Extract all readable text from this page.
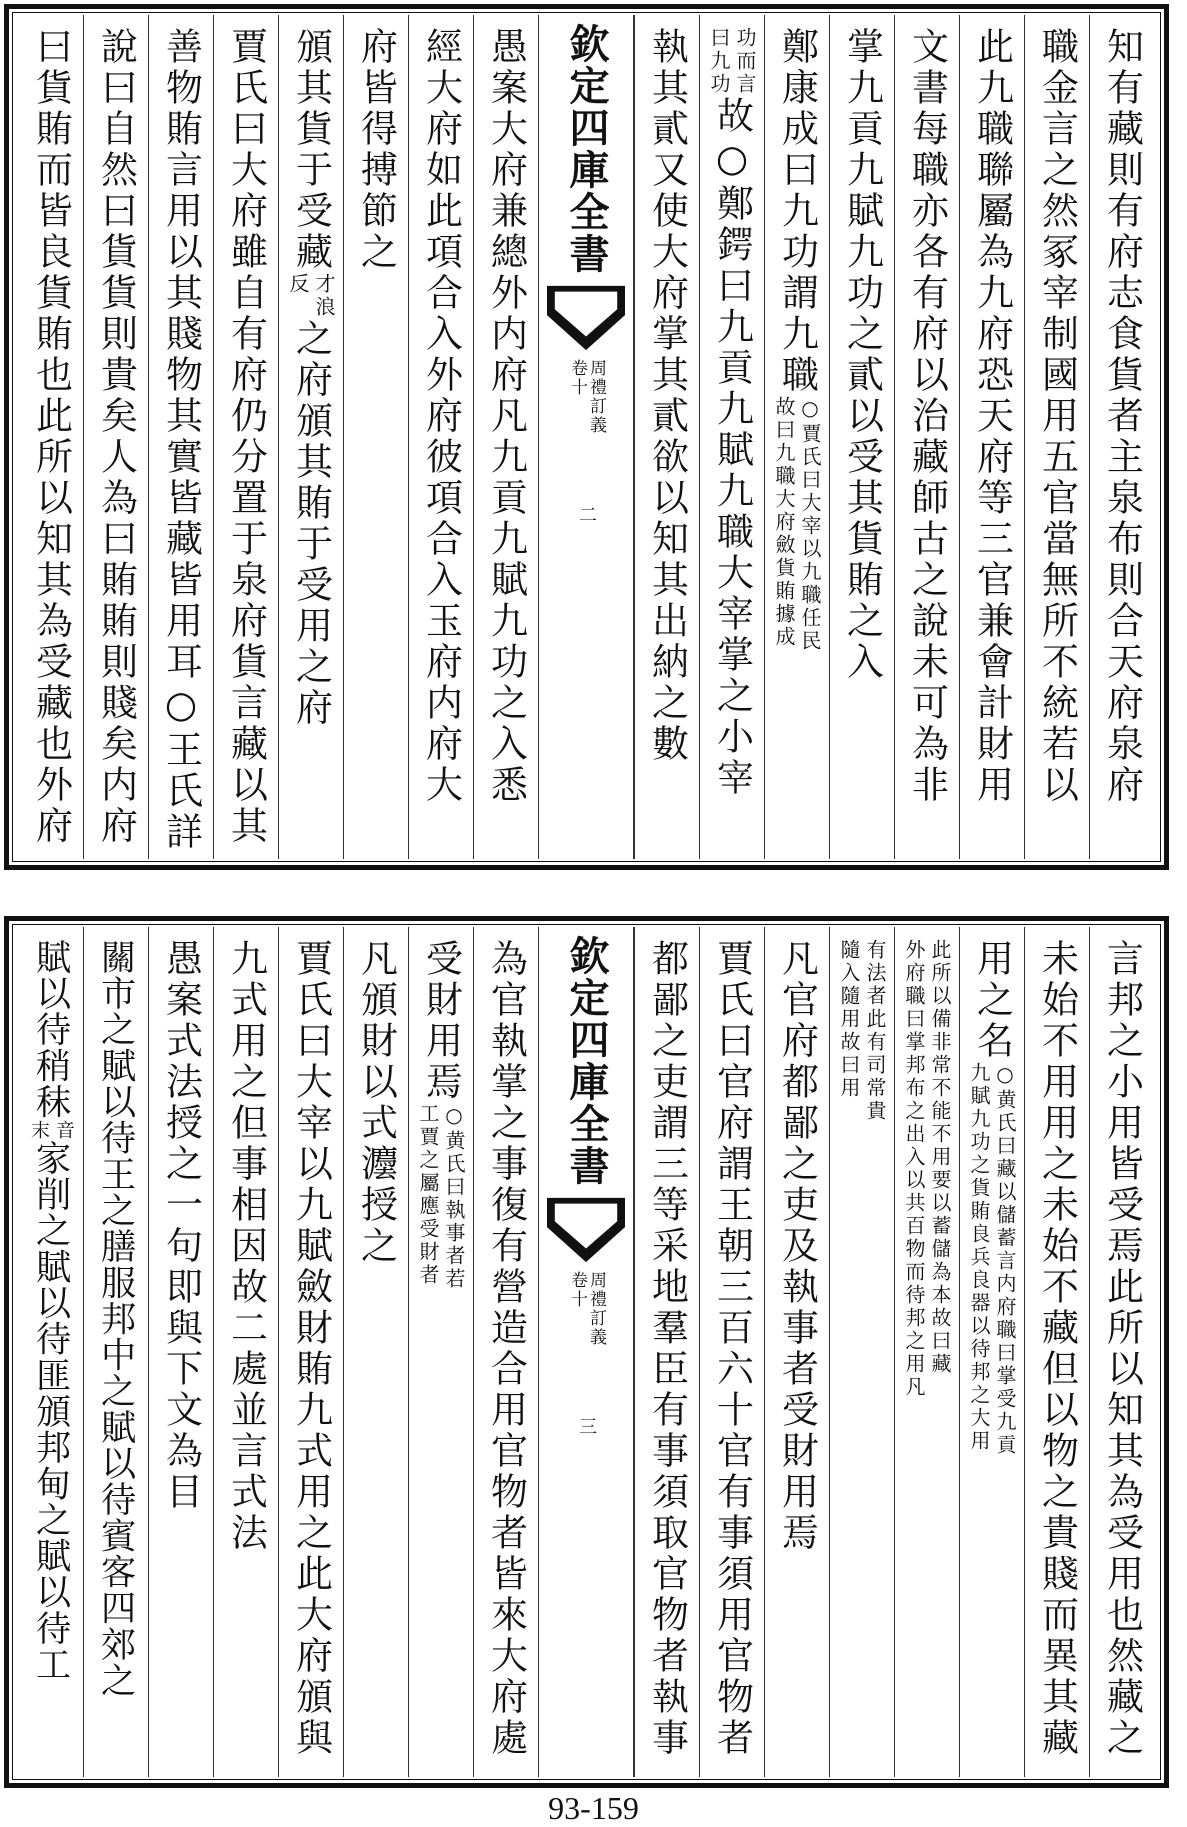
知有藏則有府志食貨者主泉布則合天府泉府
職金言之然冢宰制國用五官當無所不統若以
此九職聯屬為九府恐天府等三官兼會計財用
文書每職亦各有府以治藏師古之說未可為非
掌九貢九賦九功之貳以受其貨賄之入
鄭康成曰九功謂九職
○賈氏曰大宰以九職任民
故曰九職大府斂貨賄據成
功而言
曰九功
故○鄭鍔曰九貢九賦九職大宰掌之小宰
執其貳又使大府掌其貳欲以知其出納之數
欽定四庫全書
周禮訂義
卷十
二
愚案大府兼總外内府凡九貢九賦九功之入悉
經大府如此項合入外府彼項合入玉府内府大
府皆得搏節之
頒其貨于受藏
才浪
反
之府頒其賄于受用之府
賈氏曰大府雖自有府仍分置于泉府貨言藏以其
善物賄言用以其賤物其實皆藏皆用耳○王氏詳
說曰自然曰貨貨則貴矣人為曰賄賄則賤矣内府
曰貨賄而皆良貨賄也此所以知其為受藏也外府
言邦之小用皆受焉此所以知其為受用也然藏之
未始不用用之未始不藏但以物之貴賤而異其藏
用之名
○黄氏曰藏以儲蓄言内府職曰掌受九貢
九賦九功之貨賄良兵良器以待邦之大用
此所以備非常不能不用要以蓄儲為本故曰藏
外府職曰掌邦布之出入以共百物而待邦之用凡
有法者此有司常貴
隨入隨用故曰用
凡官府都鄙之吏及執事者受財用焉
賈氏曰官府謂王朝三百六十官有事須用官物者
都鄙之吏謂三等采地羣臣有事須取官物者執事
欽定四庫全書
周禮訂義
卷十
三
為官執掌之事復有營造合用官物者皆來大府處
受財用焉
○黄氏曰執事者若
工賈之屬應受財者
凡頒財以式灋授之
賈氏曰大宰以九賦斂財賄九式用之此大府頒與
九式用之但事相因故二處並言式法
愚案式法授之一句即與下文為目
關市之賦以待王之膳服邦中之賦以待賓客四郊之
賦以待稍秣
音
末
家削之賦以待匪頒邦甸之賦以待工
93-159
